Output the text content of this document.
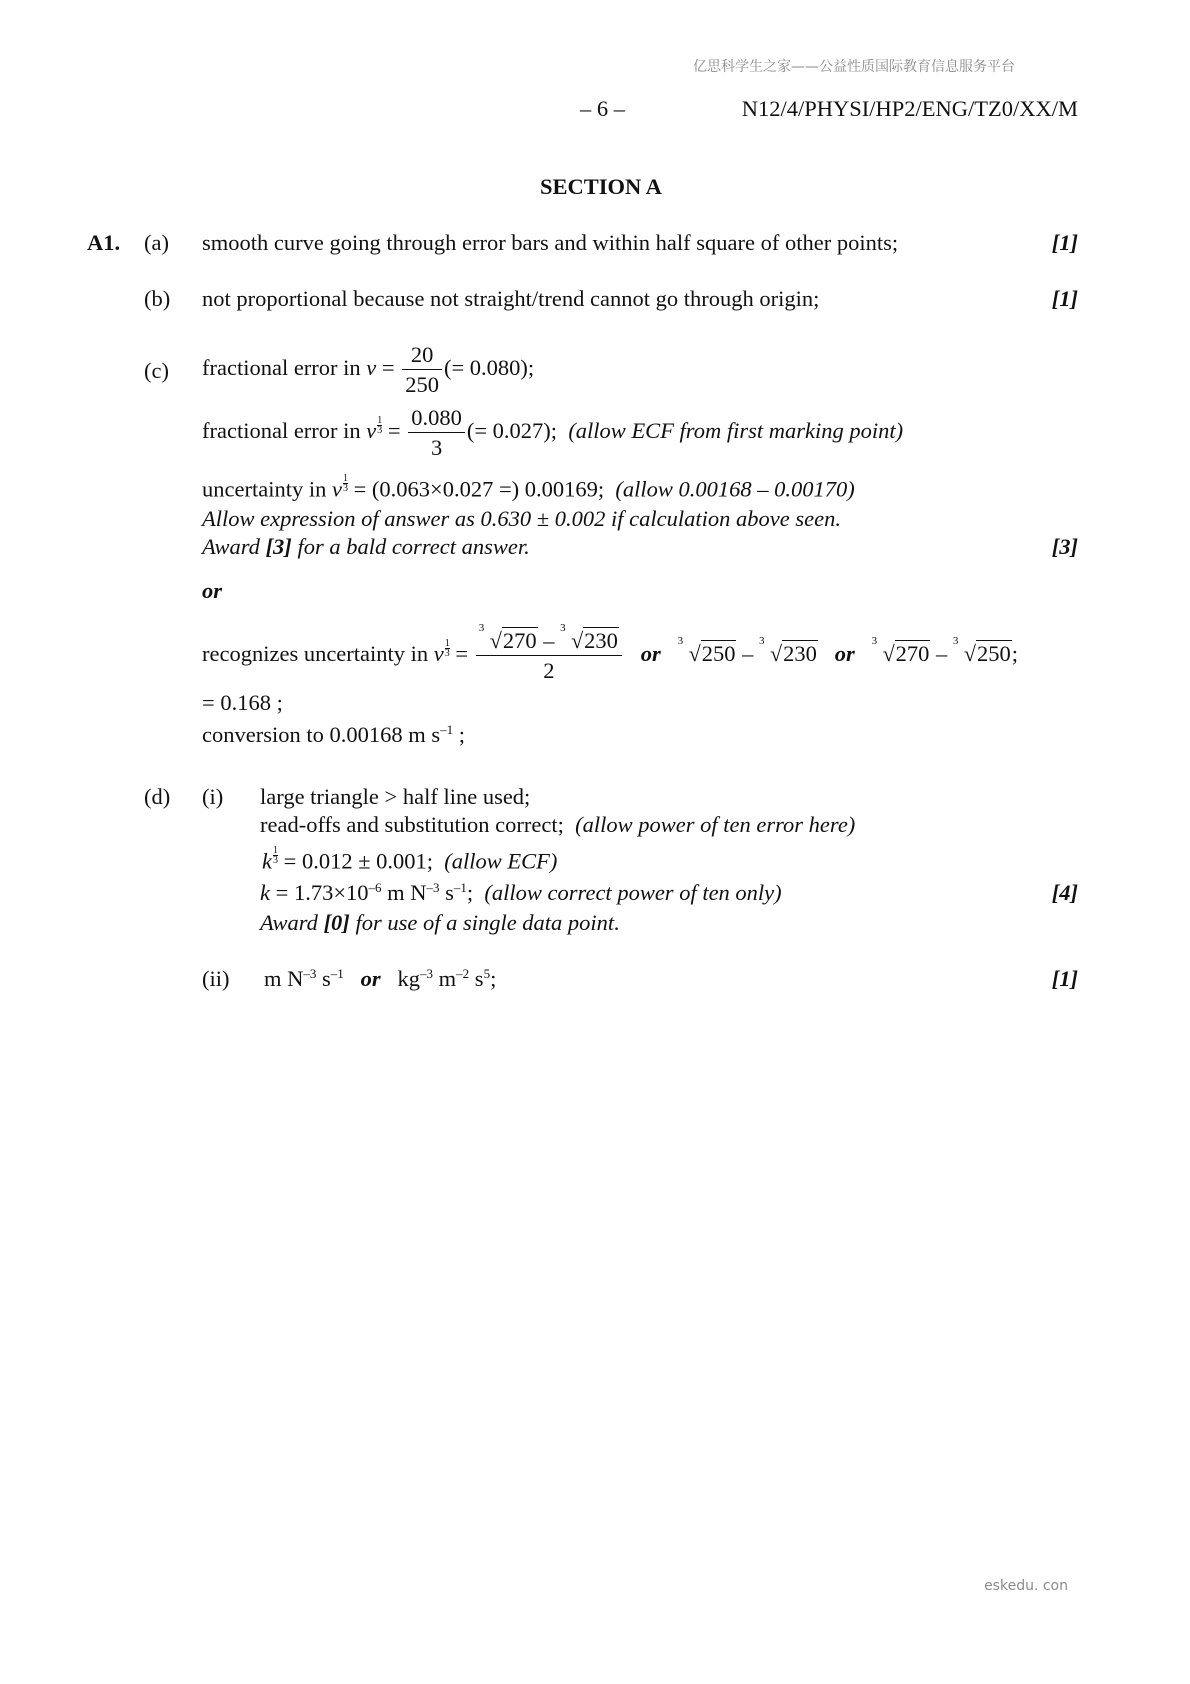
亿思科学生之家——公益性质国际教育信息服务平台
– 6 –	N12/4/PHYSI/HP2/ENG/TZ0/XX/M
SECTION A
A1. (a) smooth curve going through error bars and within half square of other points;	[1]
(b) not proportional because not straight/trend cannot go through origin;	[1]
(c) fractional error in $v = \frac{20}{250}$ (= 0.080);
fractional error in v $\frac{1}{3} = \frac{0.080}{3}$ (= 0.027); (allow ECF from first marking point)
uncertainty in v $\frac{1}{3} = (0.063\times 0.027$ =) 0.00169; (allow 0.00168 – 0.00170)
Allow expression of answer as 0.630 ± 0.002 if calculation above seen.
Award [3] for a bald correct answer.	[3]
or
recognizes uncertainty in v $\frac{1}{3} = \frac{3 √270 - 3 √230}{2}$ or 3 √250 – 3 √230 or 3 √270 – 3 √250;
= 0.168 ;
conversion to 0.00168 m $s^{-1}$ ;
(d) (i) large triangle > half line used;
read-offs and substitution correct; (allow power of ten error here)
k $\frac{1}{3} = 0.012 \pm 0.001$; (allow ECF)
$k = 1.73\times 10^{-6}$ m $N^{-3}$ $s^{-1}$; (allow correct power of ten only)	[4]
Award [0] for use of a single data point.
(ii) m $N^{-3}$ $s^{-1}$ or $kg^{-3}$ $m^{-2}$ $s^5$;	[1]
eskedu. con
